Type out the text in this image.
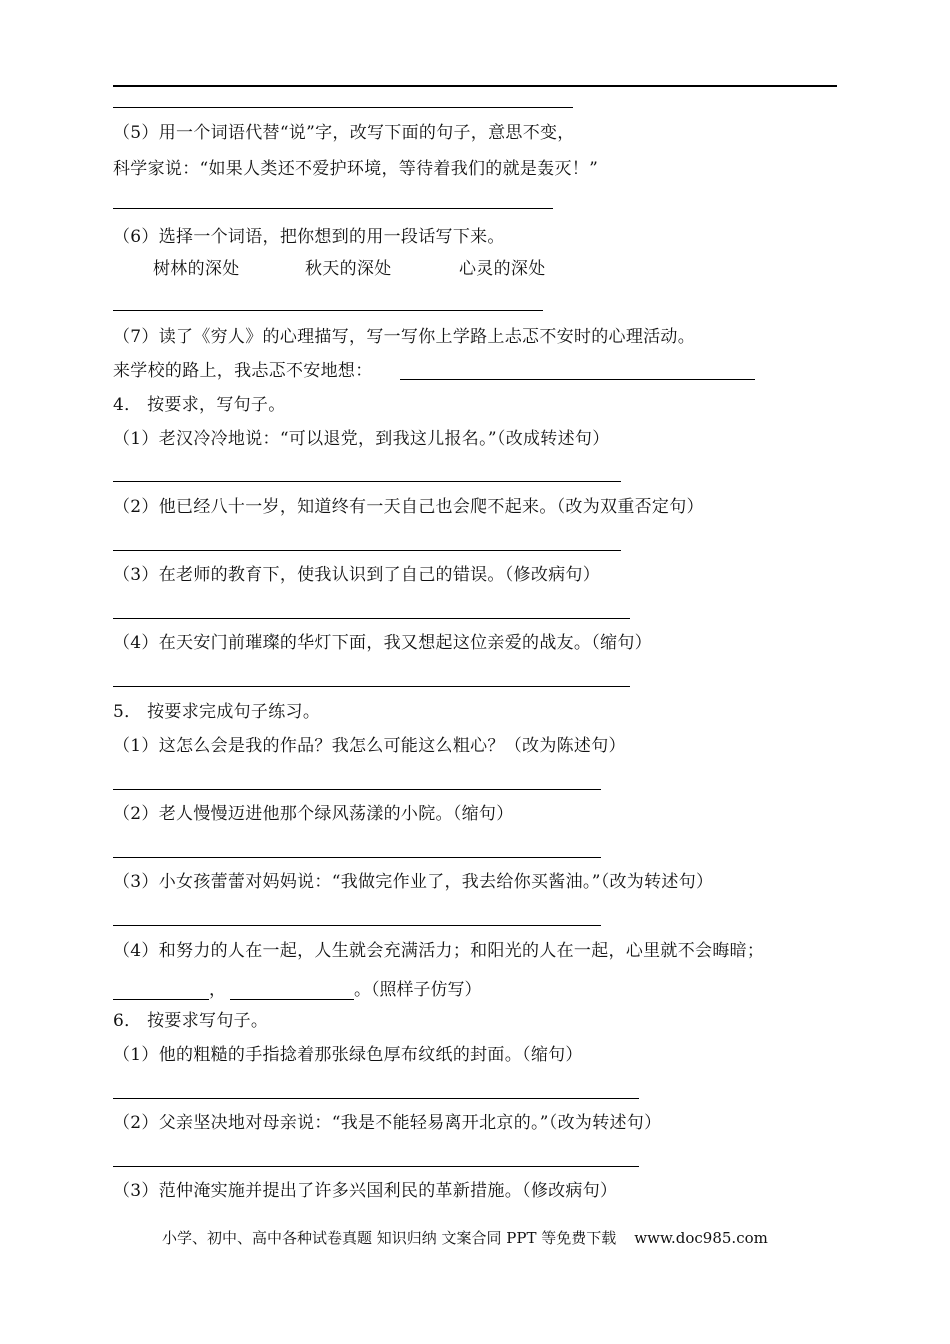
（5）用一个词语代替“说”字，改写下面的句子，意思不变，
科学家说：“如果人类还不爱护环境，等待着我们的就是轰灭！”
（6）选择一个词语，把你想到的用一段话写下来。
树林的深处	秋天的深处	心灵的深处
（7）读了《穷人》的心理描写，写一写你上学路上忐忑不安时的心理活动。
来学校的路上，我忐忑不安地想：
4． 按要求，写句子。
（1）老汉冷冷地说：“可以退党，到我这儿报名。”（改成转述句）
（2）他已经八十一岁，知道终有一天自己也会爬不起来。（改为双重否定句）
（3）在老师的教育下，使我认识到了自己的错误。（修改病句）
（4）在天安门前璀璨的华灯下面，我又想起这位亲爱的战友。（缩句）
5． 按要求完成句子练习。
（1）这怎么会是我的作品？我怎么可能这么粗心？（改为陈述句）
（2）老人慢慢迈进他那个绿风荡漾的小院。（缩句）
（3）小女孩蕾蕾对妈妈说：“我做完作业了，我去给你买酱油。”（改为转述句）
（4）和努力的人在一起，人生就会充满活力；和阳光的人在一起，心里就不会晦暗；
，	。（照样子仿写）
6． 按要求写句子。
（1）他的粗糙的手指捻着那张绿色厚布纹纸的封面。（缩句）
（2）父亲坚决地对母亲说：“我是不能轻易离开北京的。”（改为转述句）
（3）范仲淹实施并提出了许多兴国利民的革新措施。（修改病句）
小学、初中、高中各种试卷真题 知识归纳 文案合同 PPT 等免费下载 www.doc985.com
